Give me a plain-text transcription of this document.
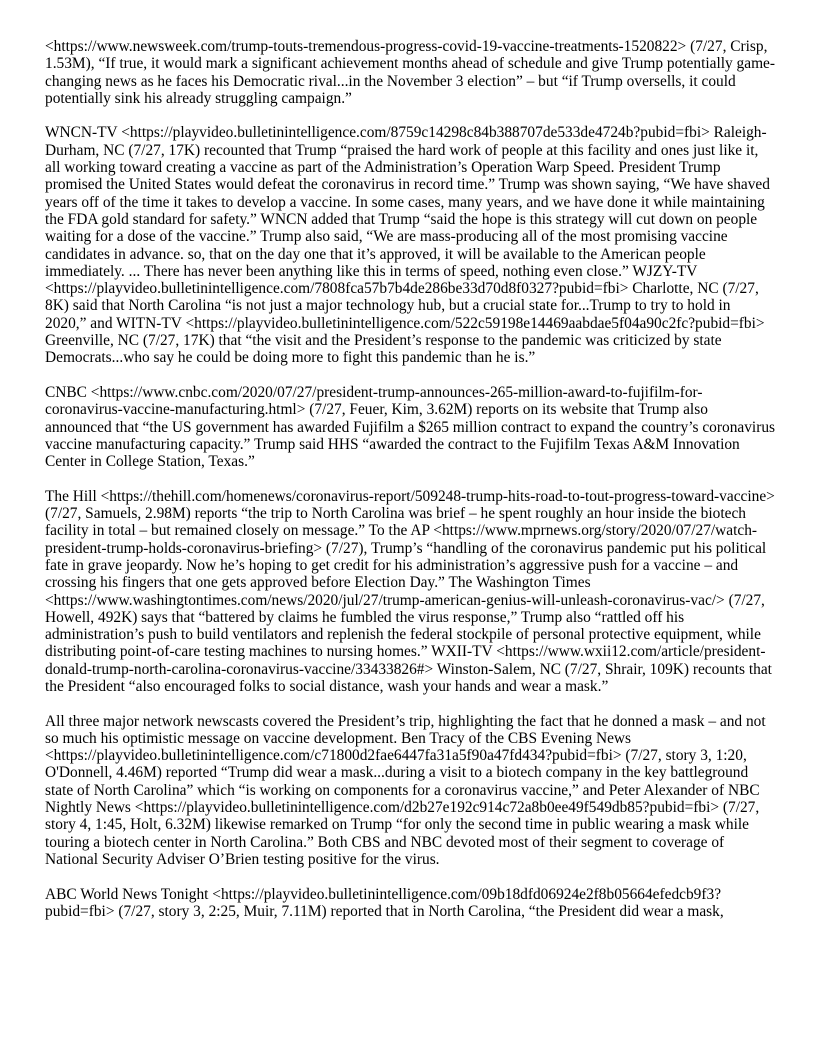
<https://www.newsweek.com/trump-touts-tremendous-progress-covid-19-vaccine-treatments-1520822> (7/27, Crisp, 1.53M), “If true, it would mark a significant achievement months ahead of schedule and give Trump potentially game-changing news as he faces his Democratic rival...in the November 3 election” – but “if Trump oversells, it could potentially sink his already struggling campaign.”

WNCN-TV <https://playvideo.bulletinintelligence.com/8759c14298c84b388707de533de4724b?pubid=fbi> Raleigh-Durham, NC (7/27, 17K) recounted that Trump “praised the hard work of people at this facility and ones just like it, all working toward creating a vaccine as part of the Administration’s Operation Warp Speed. President Trump promised the United States would defeat the coronavirus in record time.” Trump was shown saying, “We have shaved years off of the time it takes to develop a vaccine. In some cases, many years, and we have done it while maintaining the FDA gold standard for safety.” WNCN added that Trump “said the hope is this strategy will cut down on people waiting for a dose of the vaccine.” Trump also said, “We are mass-producing all of the most promising vaccine candidates in advance. so, that on the day one that it’s approved, it will be available to the American people immediately. ... There has never been anything like this in terms of speed, nothing even close.” WJZY-TV <https://playvideo.bulletinintelligence.com/7808fca57b7b4de286be33d70d8f0327?pubid=fbi> Charlotte, NC (7/27, 8K) said that North Carolina “is not just a major technology hub, but a crucial state for...Trump to try to hold in 2020,” and WITN-TV <https://playvideo.bulletinintelligence.com/522c59198e14469aabdae5f04a90c2fc?pubid=fbi> Greenville, NC (7/27, 17K) that “the visit and the President’s response to the pandemic was criticized by state Democrats...who say he could be doing more to fight this pandemic than he is.”

CNBC <https://www.cnbc.com/2020/07/27/president-trump-announces-265-million-award-to-fujifilm-for-coronavirus-vaccine-manufacturing.html> (7/27, Feuer, Kim, 3.62M) reports on its website that Trump also announced that “the US government has awarded Fujifilm a $265 million contract to expand the country’s coronavirus vaccine manufacturing capacity.” Trump said HHS “awarded the contract to the Fujifilm Texas A&M Innovation Center in College Station, Texas.”

The Hill <https://thehill.com/homenews/coronavirus-report/509248-trump-hits-road-to-tout-progress-toward-vaccine> (7/27, Samuels, 2.98M) reports “the trip to North Carolina was brief – he spent roughly an hour inside the biotech facility in total – but remained closely on message.” To the AP <https://www.mprnews.org/story/2020/07/27/watch-president-trump-holds-coronavirus-briefing> (7/27), Trump’s “handling of the coronavirus pandemic put his political fate in grave jeopardy. Now he’s hoping to get credit for his administration’s aggressive push for a vaccine – and crossing his fingers that one gets approved before Election Day.” The Washington Times <https://www.washingtontimes.com/news/2020/jul/27/trump-american-genius-will-unleash-coronavirus-vac/> (7/27, Howell, 492K) says that “battered by claims he fumbled the virus response,” Trump also “rattled off his administration’s push to build ventilators and replenish the federal stockpile of personal protective equipment, while distributing point-of-care testing machines to nursing homes.” WXII-TV <https://www.wxii12.com/article/president-donald-trump-north-carolina-coronavirus-vaccine/33433826#> Winston-Salem, NC (7/27, Shrair, 109K) recounts that the President “also encouraged folks to social distance, wash your hands and wear a mask.”

All three major network newscasts covered the President’s trip, highlighting the fact that he donned a mask – and not so much his optimistic message on vaccine development. Ben Tracy of the CBS Evening News <https://playvideo.bulletinintelligence.com/c71800d2fae6447fa31a5f90a47fd434?pubid=fbi> (7/27, story 3, 1:20, O'Donnell, 4.46M) reported “Trump did wear a mask...during a visit to a biotech company in the key battleground state of North Carolina” which “is working on components for a coronavirus vaccine,” and Peter Alexander of NBC Nightly News <https://playvideo.bulletinintelligence.com/d2b27e192c914c72a8b0ee49f549db85?pubid=fbi> (7/27, story 4, 1:45, Holt, 6.32M) likewise remarked on Trump “for only the second time in public wearing a mask while touring a biotech center in North Carolina.” Both CBS and NBC devoted most of their segment to coverage of National Security Adviser O’Brien testing positive for the virus.

ABC World News Tonight <https://playvideo.bulletinintelligence.com/09b18dfd06924e2f8b05664efedcb9f3?pubid=fbi> (7/27, story 3, 2:25, Muir, 7.11M) reported that in North Carolina, “the President did wear a mask,
